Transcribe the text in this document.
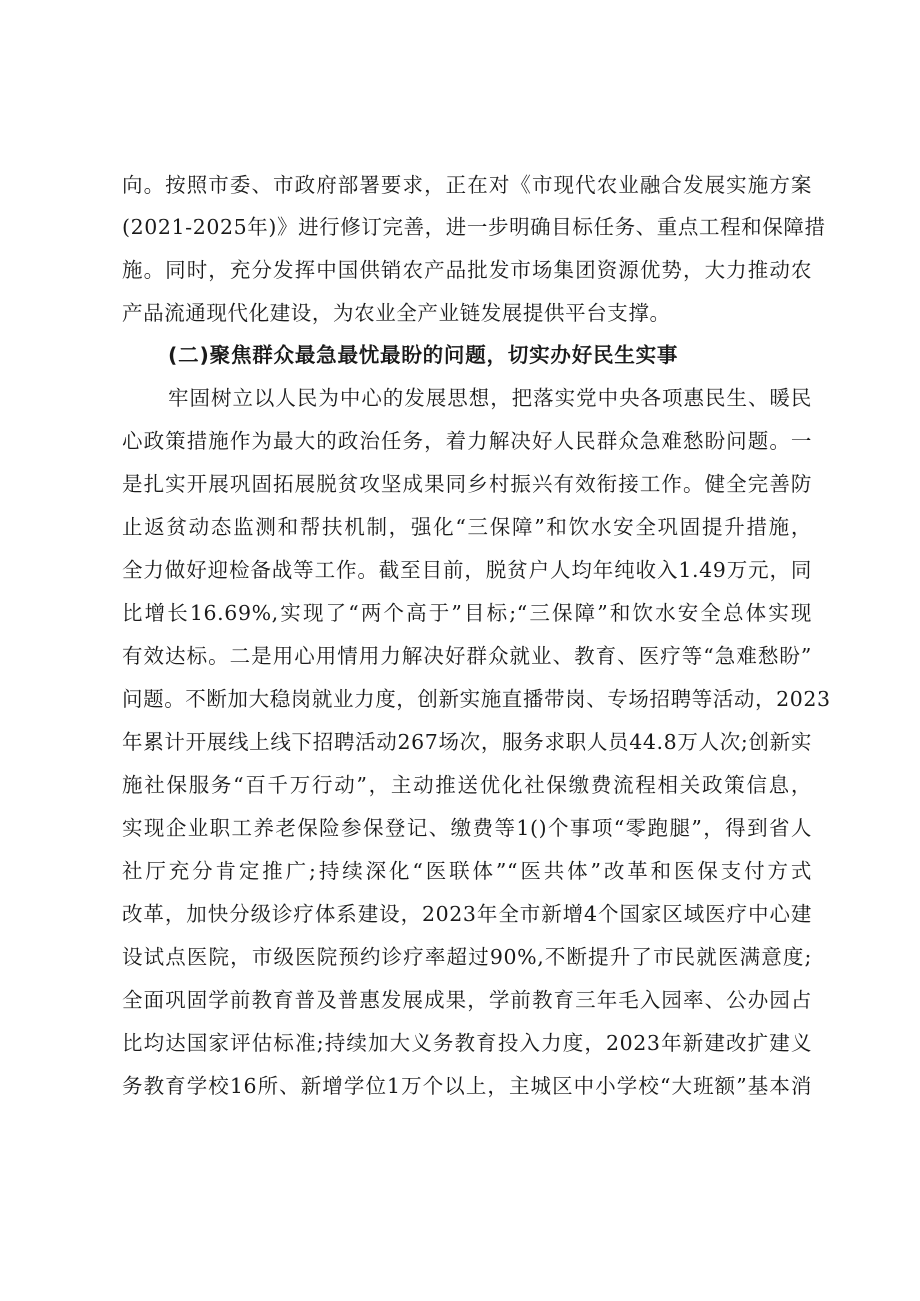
向。按照市委、市政府部署要求，正在对《市现代农业融合发展实施方案
(2021-2025年)》进行修订完善，进一步明确目标任务、重点工程和保障措
施。同时，充分发挥中国供销农产品批发市场集团资源优势，大力推动农
产品流通现代化建设，为农业全产业链发展提供平台支撑。
(二)聚焦群众最急最忧最盼的问题，切实办好民生实事
牢固树立以人民为中心的发展思想，把落实党中央各项惠民生、暖民
心政策措施作为最大的政治任务，着力解决好人民群众急难愁盼问题。一
是扎实开展巩固拓展脱贫攻坚成果同乡村振兴有效衔接工作。健全完善防
止返贫动态监测和帮扶机制，强化“三保障”和饮水安全巩固提升措施，
全力做好迎检备战等工作。截至目前，脱贫户人均年纯收入1.49万元，同
比增长16.69%,实现了“两个高于”目标;“三保障”和饮水安全总体实现
有效达标。二是用心用情用力解决好群众就业、教育、医疗等“急难愁盼”
问题。不断加大稳岗就业力度，创新实施直播带岗、专场招聘等活动，2023
年累计开展线上线下招聘活动267场次，服务求职人员44.8万人次;创新实
施社保服务“百千万行动”，主动推送优化社保缴费流程相关政策信息，
实现企业职工养老保险参保登记、缴费等1()个事项“零跑腿”，得到省人
社厅充分肯定推广;持续深化“医联体”“医共体”改革和医保支付方式
改革，加快分级诊疗体系建设，2023年全市新增4个国家区域医疗中心建
设试点医院，市级医院预约诊疗率超过90%,不断提升了市民就医满意度;
全面巩固学前教育普及普惠发展成果，学前教育三年毛入园率、公办园占
比均达国家评估标准;持续加大义务教育投入力度，2023年新建改扩建义
务教育学校16所、新增学位1万个以上，主城区中小学校“大班额”基本消
